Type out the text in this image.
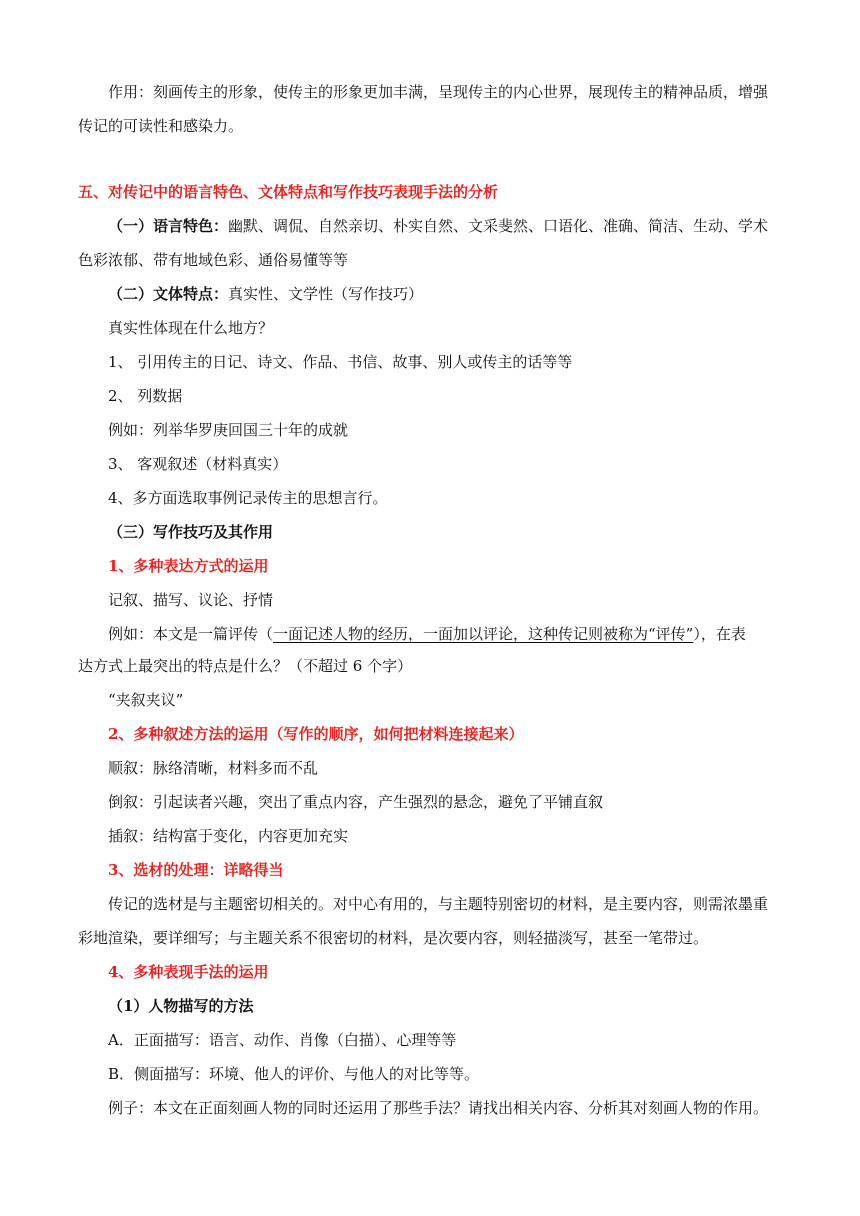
作用：刻画传主的形象，使传主的形象更加丰满，呈现传主的内心世界，展现传主的精神品质，增强
传记的可读性和感染力。
五、对传记中的语言特色、文体特点和写作技巧表现手法的分析
（一）语言特色：幽默、调侃、自然亲切、朴实自然、文采斐然、口语化、准确、简洁、生动、学术
色彩浓郁、带有地域色彩、通俗易懂等等
（二）文体特点：真实性、文学性（写作技巧）
真实性体现在什么地方？
1、 引用传主的日记、诗文、作品、书信、故事、别人或传主的话等等
2、 列数据
例如：列举华罗庚回国三十年的成就
3、 客观叙述（材料真实）
4、多方面选取事例记录传主的思想言行。
（三）写作技巧及其作用
1、多种表达方式的运用
记叙、描写、议论、抒情
例如：本文是一篇评传（一面记述人物的经历，一面加以评论，这种传记则被称为“评传”），在表
达方式上最突出的特点是什么？（不超过 6 个字）
“夹叙夹议”
2、多种叙述方法的运用（写作的顺序，如何把材料连接起来）
顺叙：脉络清晰，材料多而不乱
倒叙：引起读者兴趣，突出了重点内容，产生强烈的悬念，避免了平铺直叙
插叙：结构富于变化，内容更加充实
3、选材的处理：详略得当
传记的选材是与主题密切相关的。对中心有用的，与主题特别密切的材料，是主要内容，则需浓墨重
彩地渲染，要详细写；与主题关系不很密切的材料，是次要内容，则轻描淡写，甚至一笔带过。
4、多种表现手法的运用
（1）人物描写的方法
A．正面描写：语言、动作、肖像（白描）、心理等等
B．侧面描写：环境、他人的评价、与他人的对比等等。
例子：本文在正面刻画人物的同时还运用了那些手法？请找出相关内容、分析其对刻画人物的作用。
